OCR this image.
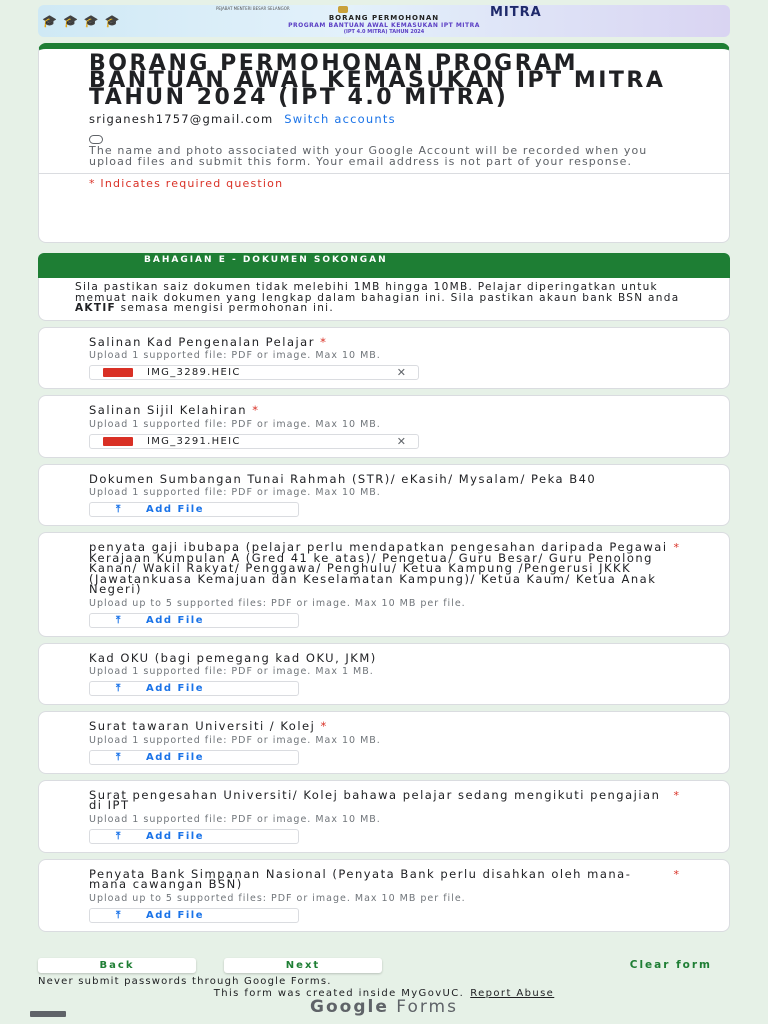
🎓🎓🎓🎓
PEJABAT MENTERI BESAR SELANGOR
BORANG PERMOHONAN
PROGRAM BANTUAN AWAL KEMASUKAN IPT MITRA
(IPT 4.0 MITRA) TAHUN 2024
MITRA
BORANG PERMOHONAN PROGRAM BANTUAN AWAL KEMASUKAN IPT MITRA TAHUN 2024 (IPT 4.0 MITRA)
sriganesh1757@gmail.com Switch accounts
The name and photo associated with your Google Account will be recorded when you upload files and submit this form. Your email address is not part of your response.
* Indicates required question
BAHAGIAN E - DOKUMEN SOKONGAN
Sila pastikan saiz dokumen tidak melebihi 1MB hingga 10MB. Pelajar diperingatkan untuk memuat naik dokumen yang lengkap dalam bahagian ini. Sila pastikan akaun bank BSN anda AKTIF semasa mengisi permohonan ini.
Salinan Kad Pengenalan Pelajar *
Upload 1 supported file: PDF or image. Max 10 MB.
IMG_3289.HEIC	✕
Salinan Sijil Kelahiran *
Upload 1 supported file: PDF or image. Max 10 MB.
IMG_3291.HEIC	✕
Dokumen Sumbangan Tunai Rahmah (STR)/ eKasih/ Mysalam/ Peka B40
Upload 1 supported file: PDF or image. Max 10 MB.
⤒	Add File
*
penyata gaji ibubapa (pelajar perlu mendapatkan pengesahan daripada Pegawai Kerajaan Kumpulan A (Gred 41 ke atas)/ Pengetua/ Guru Besar/ Guru Penolong Kanan/ Wakil Rakyat/ Penggawa/ Penghulu/ Ketua Kampung /Pengerusi JKKK (Jawatankuasa Kemajuan dan Keselamatan Kampung)/ Ketua Kaum/ Ketua Anak Negeri)
Upload up to 5 supported files: PDF or image. Max 10 MB per file.
⤒	Add File
Kad OKU (bagi pemegang kad OKU, JKM)
Upload 1 supported file: PDF or image. Max 1 MB.
⤒	Add File
Surat tawaran Universiti / Kolej *
Upload 1 supported file: PDF or image. Max 10 MB.
⤒	Add File
*
Surat pengesahan Universiti/ Kolej bahawa pelajar sedang mengikuti pengajian di IPT
Upload 1 supported file: PDF or image. Max 10 MB.
⤒	Add File
*
Penyata Bank Simpanan Nasional (Penyata Bank perlu disahkan oleh mana-mana cawangan BSN)
Upload up to 5 supported files: PDF or image. Max 10 MB per file.
⤒	Add File
Back	Next	Clear form
Never submit passwords through Google Forms.
This form was created inside MyGovUC. Report Abuse
Google Forms
